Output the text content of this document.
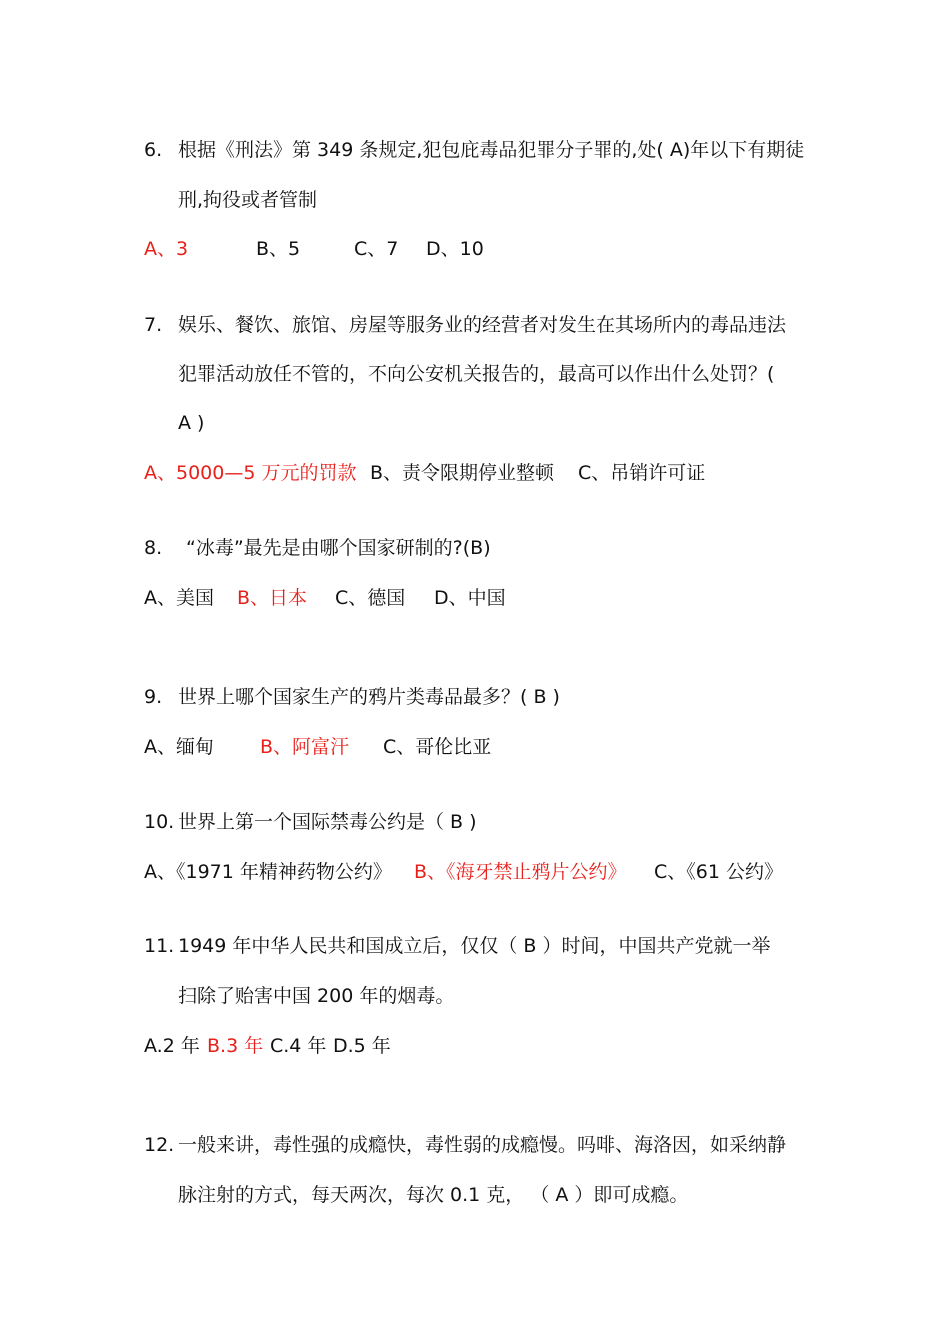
6. 根据《刑法》第 349 条规定,犯包庇毒品犯罪分子罪的,处( A)年以下有期徒
刑,拘役或者管制
A、3	B、5	C、7 D、10
7. 娱乐、餐饮、旅馆、房屋等服务业的经营者对发生在其场所内的毒品违法
犯罪活动放任不管的，不向公安机关报告的，最高可以作出什么处罚？(
A )
A、5000—5 万元的罚款 B、责令限期停业整顿 C、吊销许可证
8. “冰毒”最先是由哪个国家研制的?(B)
A、美国 B、日本 C、德国 D、中国
9. 世界上哪个国家生产的鸦片类毒品最多？( B )
A、缅甸 B、阿富汗 C、哥伦比亚
10. 世界上第一个国际禁毒公约是（ B )
A、《1971 年精神药物公约》 B、《海牙禁止鸦片公约》 C、《61 公约》
11. 1949 年中华人民共和国成立后，仅仅（ B ）时间，中国共产党就一举
扫除了贻害中国 200 年的烟毒。
A.2 年 B.3 年 C.4 年 D.5 年
12. 一般来讲，毒性强的成瘾快，毒性弱的成瘾慢。吗啡、海洛因，如采纳静
脉注射的方式，每天两次，每次 0.1 克， （ A ）即可成瘾。
